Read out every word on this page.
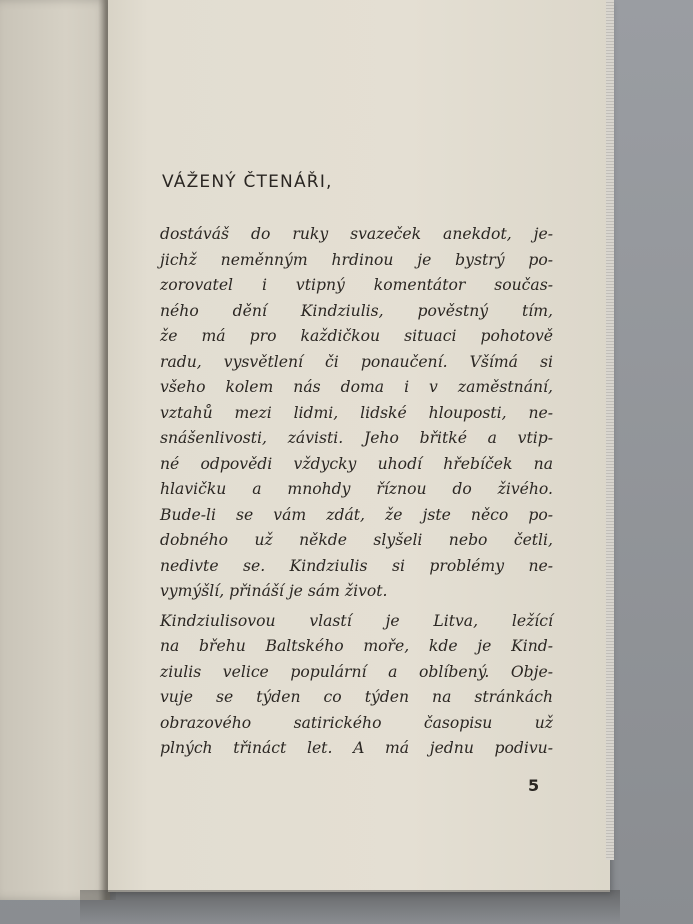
VÁŽENÝ ČTENÁŘI,
dostáváš do ruky svazeček anekdot, je-
jichž neměnným hrdinou je bystrý po-
zorovatel i vtipný komentátor součas-
ného dění Kindziulis, pověstný tím,
že má pro každičkou situaci pohotově
radu, vysvětlení či ponaučení. Všímá si
všeho kolem nás doma i v zaměstnání,
vztahů mezi lidmi, lidské hlouposti, ne-
snášenlivosti, závisti. Jeho břitké a vtip-
né odpovědi vždycky uhodí hřebíček na
hlavičku a mnohdy říznou do živého.
Bude-li se vám zdát, že jste něco po-
dobného už někde slyšeli nebo četli,
nedivte se. Kindziulis si problémy ne-
vymýšlí, přináší je sám život.
Kindziulisovou vlastí je Litva, ležící
na břehu Baltského moře, kde je Kind-
ziulis velice populární a oblíbený. Obje-
vuje se týden co týden na stránkách
obrazového satirického časopisu už
plných třináct let. A má jednu podivu-
5
